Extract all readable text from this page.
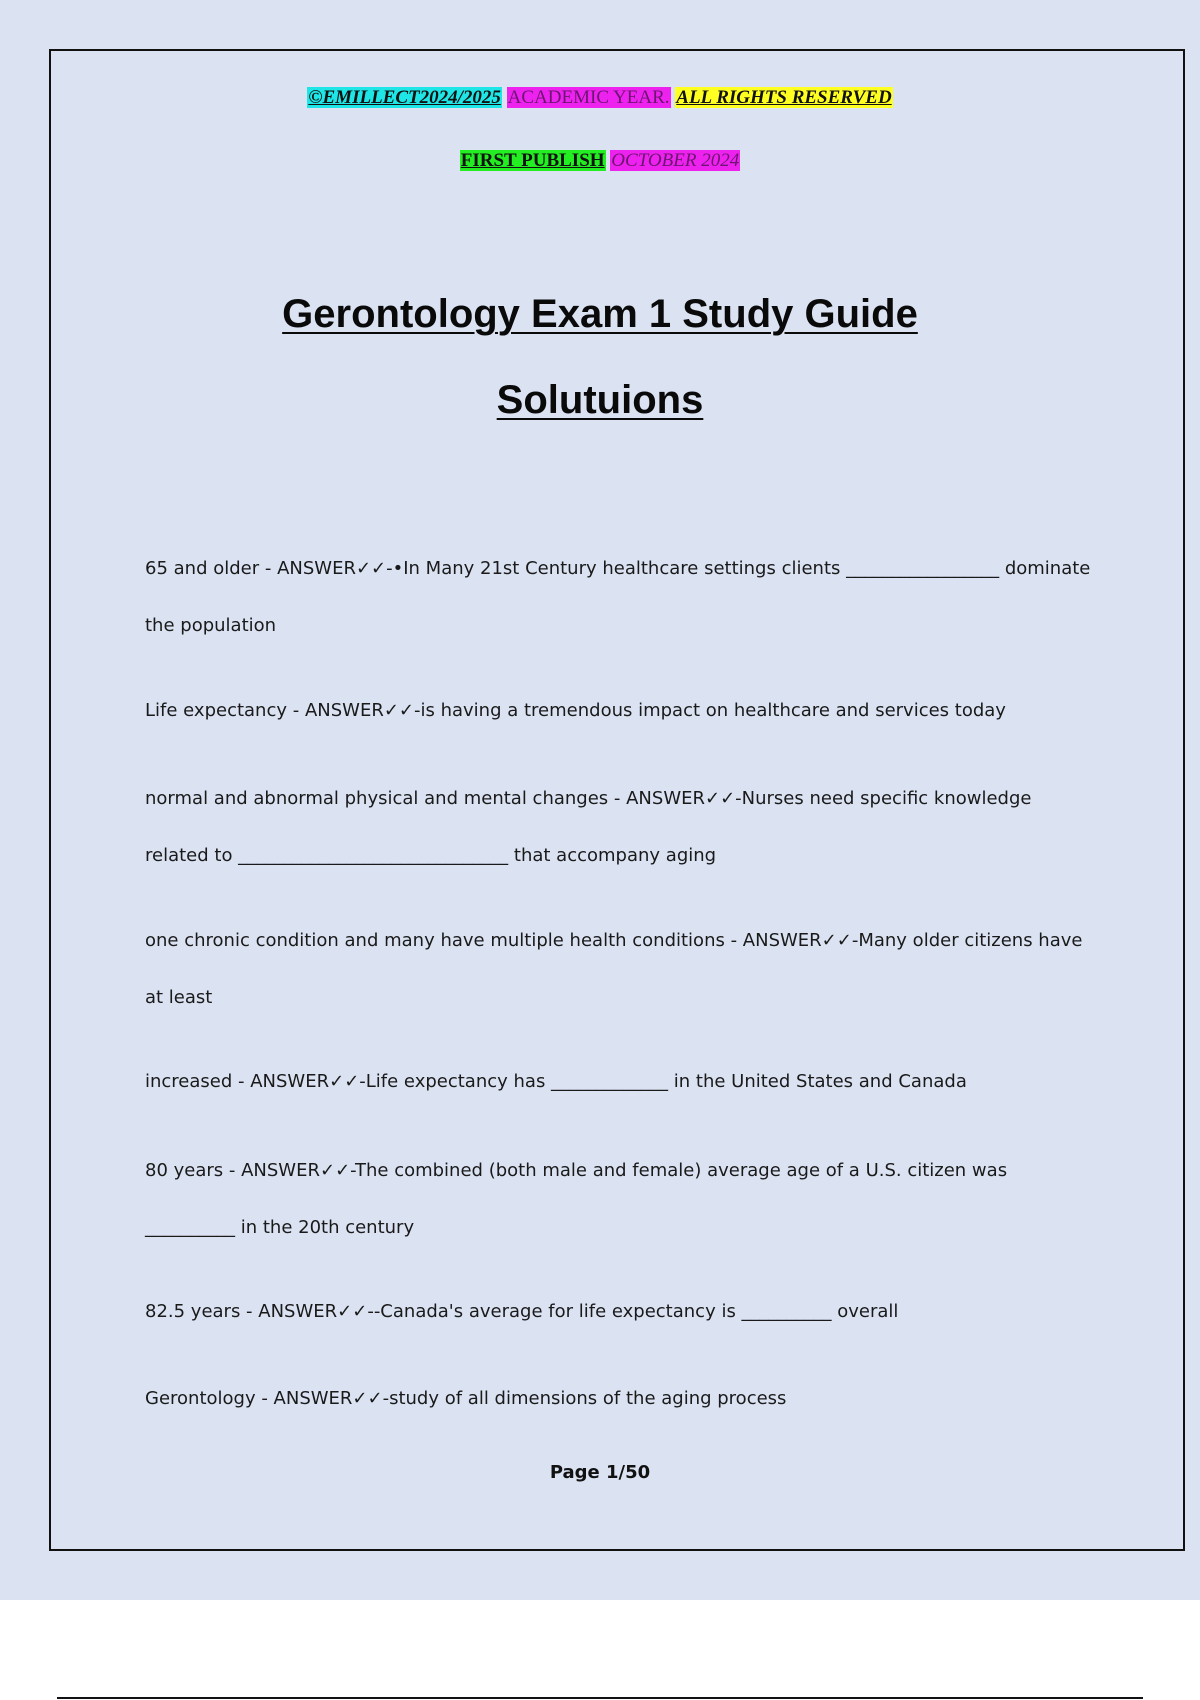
©EMILLECT2024/2025 ACADEMIC YEAR. ALL RIGHTS RESERVED
FIRST PUBLISH OCTOBER 2024
Gerontology Exam 1 Study Guide
Solutuions
65 and older - ANSWER✓✓-•In Many 21st Century healthcare settings clients _________________ dominate the population
Life expectancy - ANSWER✓✓-is having a tremendous impact on healthcare and services today
normal and abnormal physical and mental changes - ANSWER✓✓-Nurses need specific knowledge related to ______________________________ that accompany aging
one chronic condition and many have multiple health conditions - ANSWER✓✓-Many older citizens have at least
increased - ANSWER✓✓-Life expectancy has _____________ in the United States and Canada
80 years - ANSWER✓✓-The combined (both male and female) average age of a U.S. citizen was __________ in the 20th century
82.5 years - ANSWER✓✓--Canada's average for life expectancy is __________ overall
Gerontology - ANSWER✓✓-study of all dimensions of the aging process
Page 1/50
